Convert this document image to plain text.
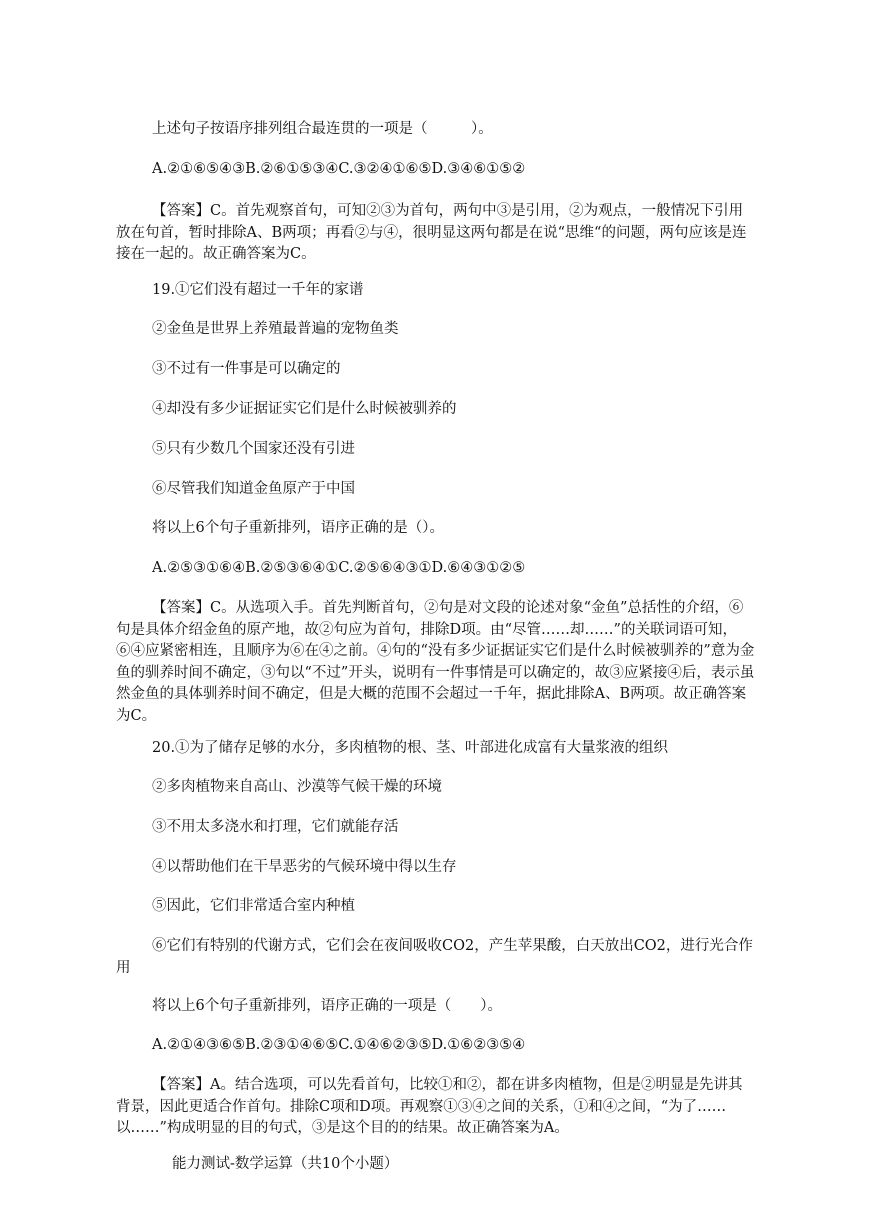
上述句子按语序排列组合最连贯的一项是（　　　）。

A.②①⑥⑤④③B.②⑥①⑤③④C.③②④①⑥⑤D.③④⑥①⑤②

【答案】C。首先观察首句，可知②③为首句，两句中③是引用，②为观点，一般情况下引用放在句首，暂时排除A、B两项；再看②与④，很明显这两句都是在说“思维“的问题，两句应该是连接在一起的。故正确答案为C。

19.①它们没有超过一千年的家谱

②金鱼是世界上养殖最普遍的宠物鱼类

③不过有一件事是可以确定的

④却没有多少证据证实它们是什么时候被驯养的

⑤只有少数几个国家还没有引进

⑥尽管我们知道金鱼原产于中国

将以上6个句子重新排列，语序正确的是（）。

A.②⑤③①⑥④B.②⑤③⑥④①C.②⑤⑥④③①D.⑥④③①②⑤

【答案】C。从选项入手。首先判断首句，②句是对文段的论述对象“金鱼”总括性的介绍，⑥句是具体介绍金鱼的原产地，故②句应为首句，排除D项。由“尽管……却……”的关联词语可知，⑥④应紧密相连，且顺序为⑥在④之前。④句的“没有多少证据证实它们是什么时候被驯养的”意为金鱼的驯养时间不确定，③句以“不过”开头，说明有一件事情是可以确定的，故③应紧接④后，表示虽然金鱼的具体驯养时间不确定，但是大概的范围不会超过一千年，据此排除A、B两项。故正确答案为C。

20.①为了储存足够的水分，多肉植物的根、茎、叶部进化成富有大量浆液的组织

②多肉植物来自高山、沙漠等气候干燥的环境

③不用太多浇水和打理，它们就能存活

④以帮助他们在干旱恶劣的气候环境中得以生存

⑤因此，它们非常适合室内种植

⑥它们有特别的代谢方式，它们会在夜间吸收CO2，产生苹果酸，白天放出CO2，进行光合作用

将以上6个句子重新排列，语序正确的一项是（　　）。

A.②①④③⑥⑤B.②③①④⑥⑤C.①④⑥②③⑤D.①⑥②③⑤④

【答案】A。结合选项，可以先看首句，比较①和②，都在讲多肉植物，但是②明显是先讲其背景，因此更适合作首句。排除C项和D项。再观察①③④之间的关系，①和④之间，“为了……以……”构成明显的目的句式，③是这个目的的结果。故正确答案为A。

能力测试-数学运算（共10个小题）
